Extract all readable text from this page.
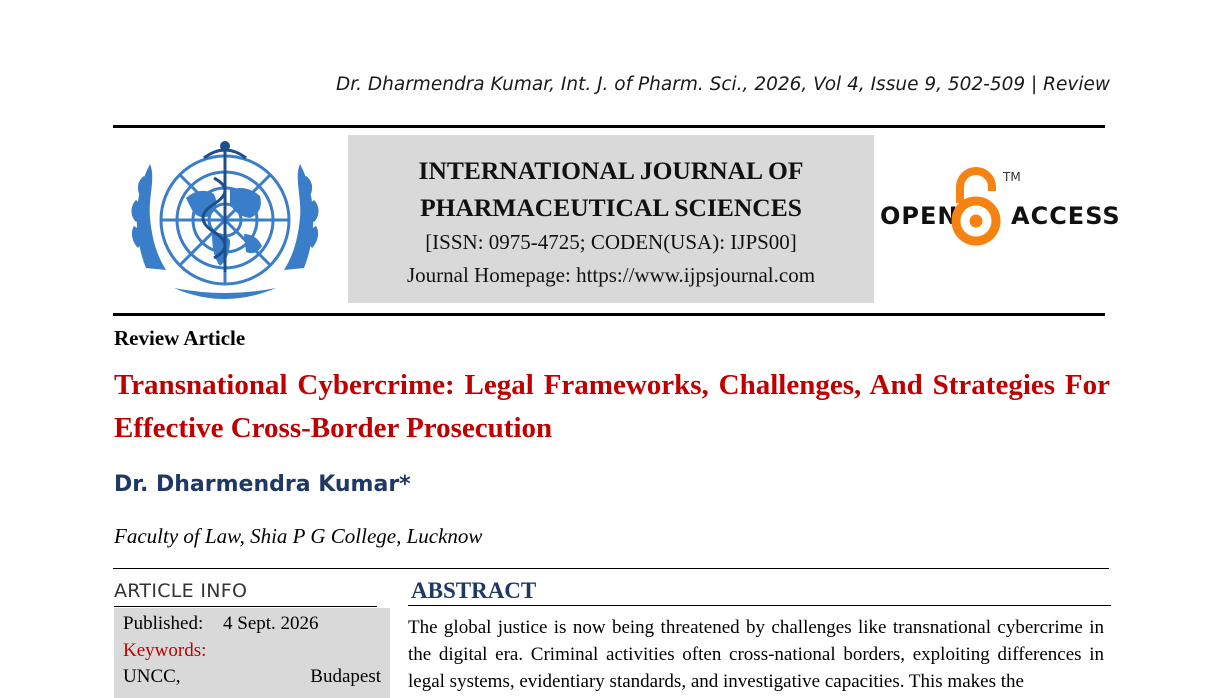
Dr. Dharmendra Kumar, Int. J. of Pharm. Sci., 2026, Vol 4, Issue 9, 502-509 | Review
INTERNATIONAL JOURNAL OF
PHARMACEUTICAL SCIENCES
[ISSN: 0975-4725; CODEN(USA): IJPS00]
Journal Homepage: https://www.ijpsjournal.com
OPEN
TM
ACCESS
Review Article
Transnational Cybercrime: Legal Frameworks, Challenges, And Strategies For Effective Cross-Border Prosecution
Dr. Dharmendra Kumar*
Faculty of Law, Shia P G College, Lucknow
ARTICLE INFO
Published:	4 Sept. 2026
Keywords:
UNCC,	Budapest
ABSTRACT
The global justice is now being threatened by challenges like transnational cybercrime in the digital era. Criminal activities often cross-national borders, exploiting differences in legal systems, evidentiary standards, and investigative capacities. This makes the
